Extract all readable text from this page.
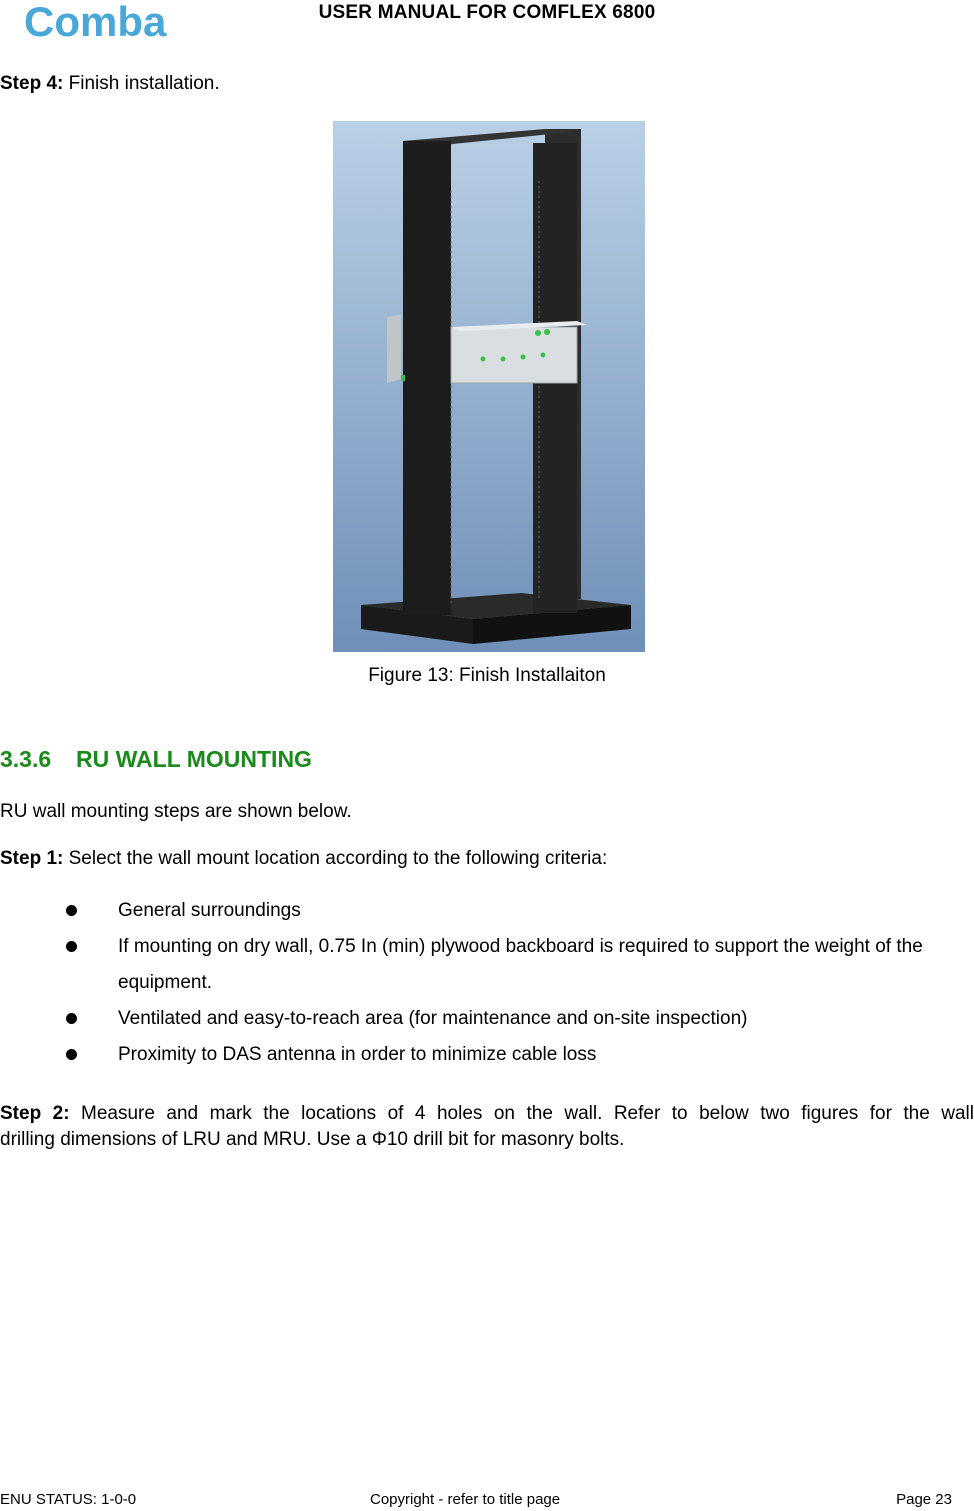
Comba	USER MANUAL FOR COMFLEX 6800
Step 4: Finish installation.
Figure 13: Finish Installaiton
3.3.6 RU WALL MOUNTING
RU wall mounting steps are shown below.
Step 1: Select the wall mount location according to the following criteria:
General surroundings
If mounting on dry wall, 0.75 In (min) plywood backboard is required to support the weight of the equipment.
Ventilated and easy-to-reach area (for maintenance and on-site inspection)
Proximity to DAS antenna in order to minimize cable loss
Step 2: Measure and mark the locations of 4 holes on the wall. Refer to below two figures for the wall
drilling dimensions of LRU and MRU. Use a Φ10 drill bit for masonry bolts.
ENU STATUS: 1-0-0	Copyright - refer to title page	Page 23
